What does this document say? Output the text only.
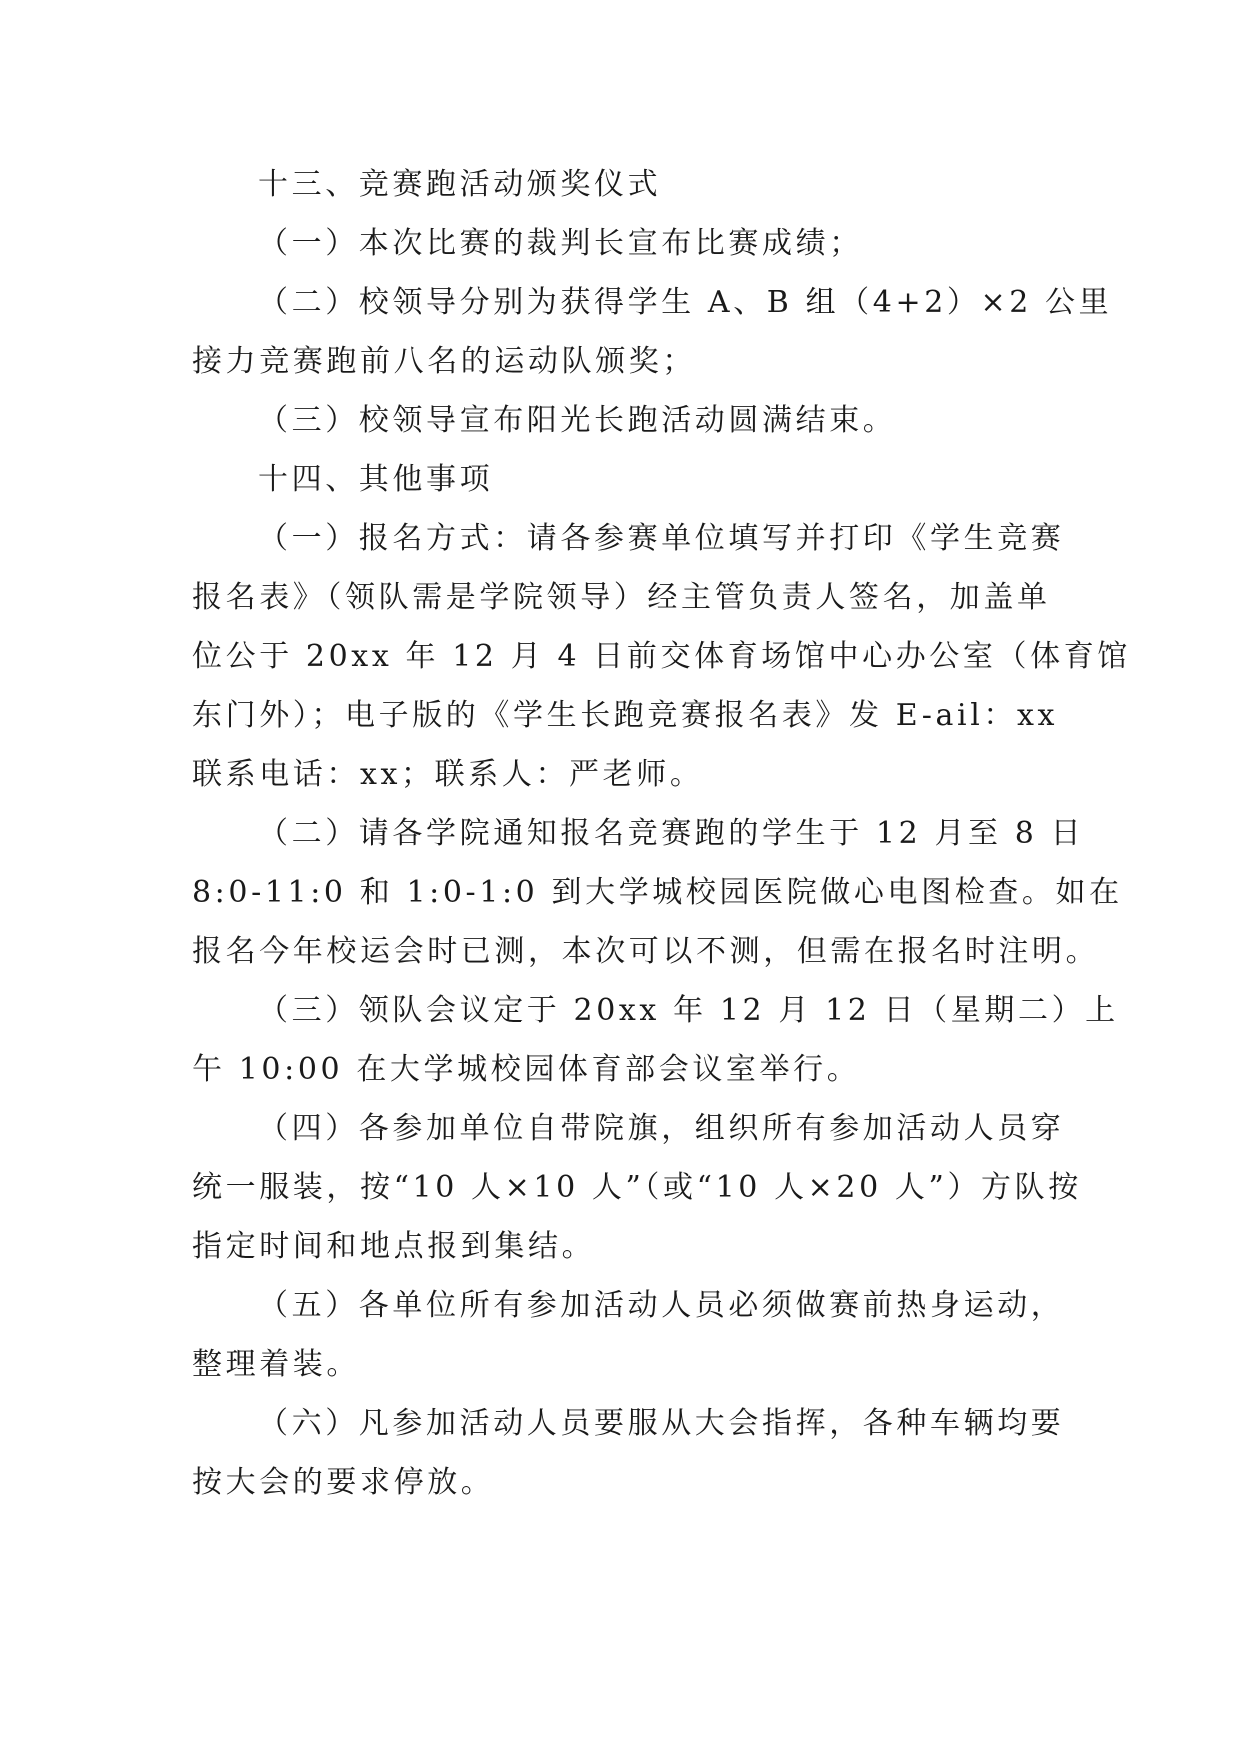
十三、竞赛跑活动颁奖仪式
（一）本次比赛的裁判长宣布比赛成绩；
（二）校领导分别为获得学生 A、B 组（4+2）×2 公里
接力竞赛跑前八名的运动队颁奖；
（三）校领导宣布阳光长跑活动圆满结束。
十四、其他事项
（一）报名方式：请各参赛单位填写并打印《学生竞赛
报名表》（领队需是学院领导）经主管负责人签名，加盖单
位公于 20xx 年 12 月 4 日前交体育场馆中心办公室（体育馆
东门外）；电子版的《学生长跑竞赛报名表》发 E-ail：xx
联系电话：xx；联系人：严老师。
（二）请各学院通知报名竞赛跑的学生于 12 月至 8 日
8:0-11:0 和 1:0-1:0 到大学城校园医院做心电图检查。如在
报名今年校运会时已测，本次可以不测，但需在报名时注明。
（三）领队会议定于 20xx 年 12 月 12 日（星期二）上
午 10:00 在大学城校园体育部会议室举行。
（四）各参加单位自带院旗，组织所有参加活动人员穿
统一服装，按“10 人×10 人”（或“10 人×20 人”）方队按
指定时间和地点报到集结。
（五）各单位所有参加活动人员必须做赛前热身运动，
整理着装。
（六）凡参加活动人员要服从大会指挥，各种车辆均要
按大会的要求停放。
